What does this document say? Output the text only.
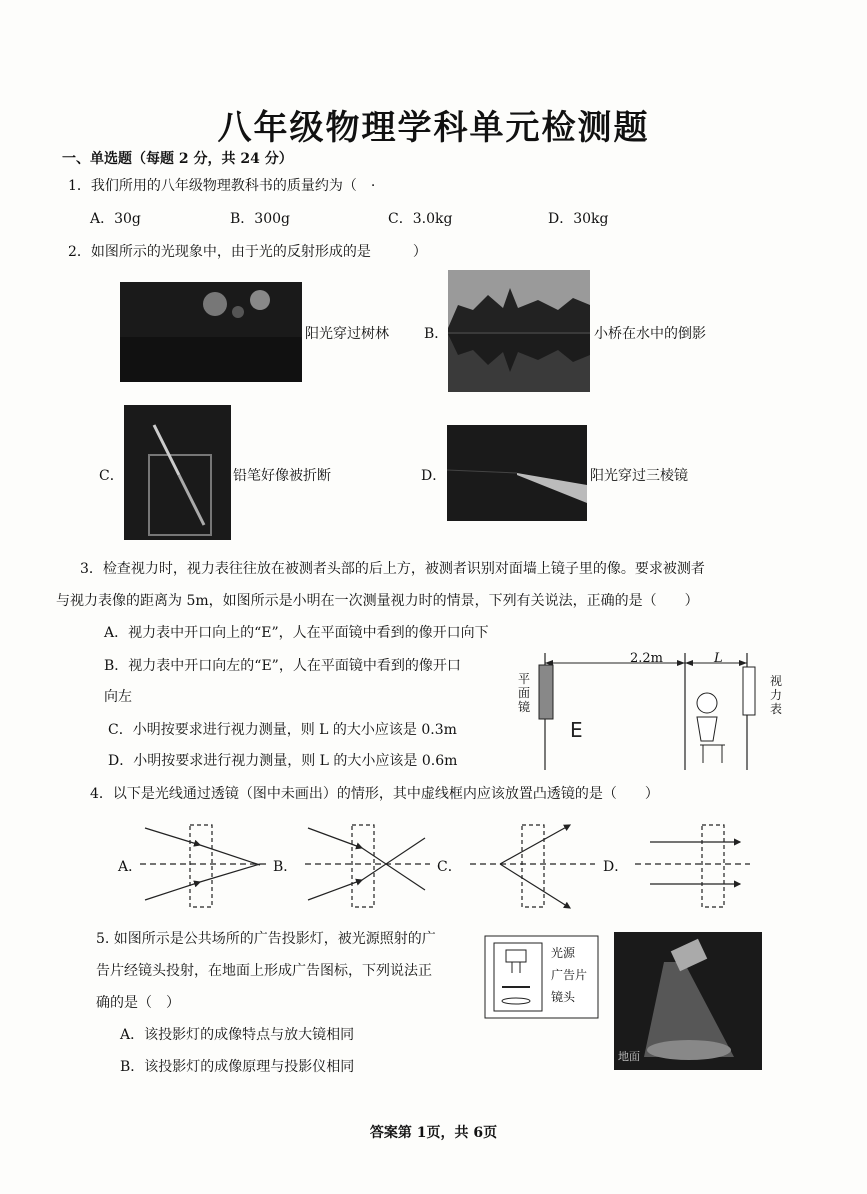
八年级物理学科单元检测题
一、单选题（每题 2 分，共 24 分）
1．我们所用的八年级物理教科书的质量约为（　·
A．30g	B．300g	C．3.0kg	D．30kg
2．如图所示的光现象中，由于光的反射形成的是　　　）
阳光穿过树林	B．	小桥在水中的倒影
C．	铅笔好像被折断	D．	阳光穿过三棱镜
3．检查视力时，视力表往往放在被测者头部的后上方，被测者识别对面墙上镜子里的像。要求被测者
与视力表像的距离为 5m，如图所示是小明在一次测量视力时的情景，下列有关说法，正确的是（　　）
A．视力表中开口向上的“E”，人在平面镜中看到的像开口向下
B．视力表中开口向左的“E”，人在平面镜中看到的像开口
向左
C．小明按要求进行视力测量，则 L 的大小应该是 0.3m
D．小明按要求进行视力测量，则 L 的大小应该是 0.6m
E
2.2m	L
平
面
镜
视
力
表
4．以下是光线通过透镜（图中未画出）的情形，其中虚线框内应该放置凸透镜的是（　　）
A．	B．	C．	D．
5. 如图所示是公共场所的广告投影灯，被光源照射的广
告片经镜头投射，在地面上形成广告图标，下列说法正
确的是（　）
A．该投影灯的成像特点与放大镜相同
B．该投影灯的成像原理与投影仪相同
光源
广告片
镜头
地面
答案第 1页，共 6页
